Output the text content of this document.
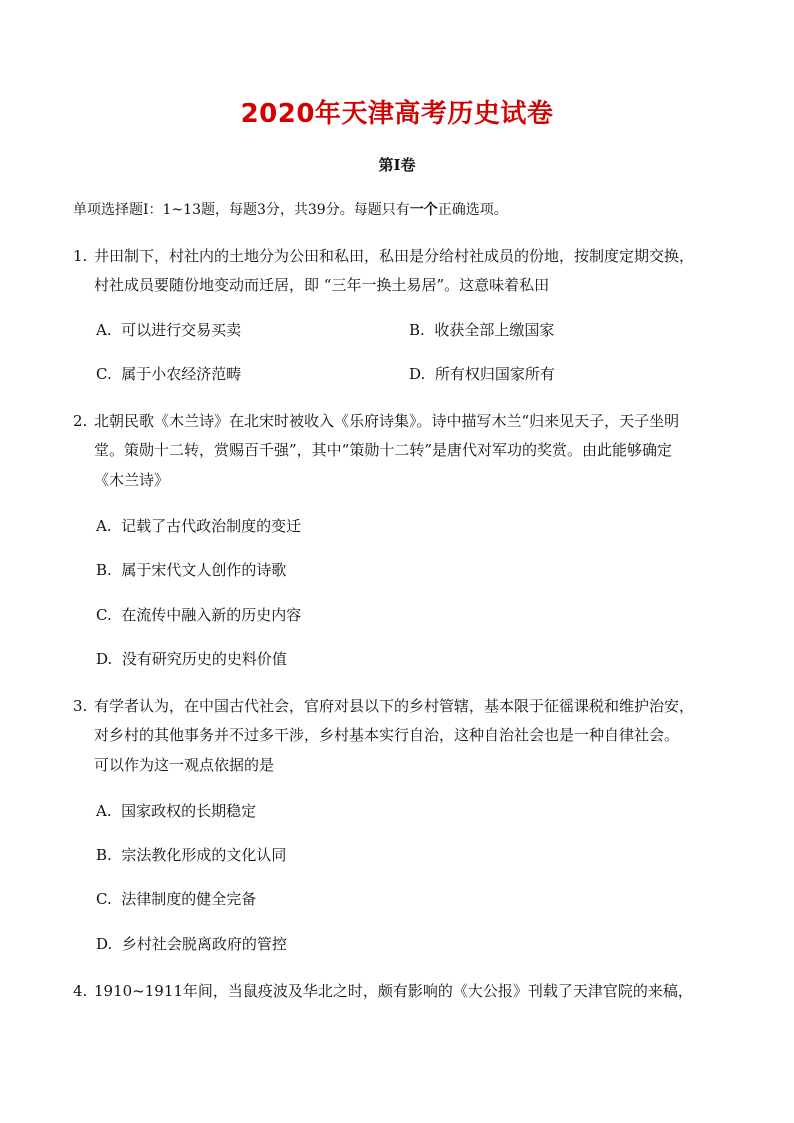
2020年天津高考历史试卷
第I卷
单项选择题I：1~13题，每题3分，共39分。每题只有一个正确选项。
1. 井田制下，村社内的土地分为公田和私田，私田是分给村社成员的份地，按制度定期交换，
村社成员要随份地变动而迁居，即 “三年一换土易居”。这意味着私田
A. 可以进行交易买卖	B. 收获全部上缴国家
C. 属于小农经济范畴	D. 所有权归国家所有
2. 北朝民歌《木兰诗》在北宋时被收入《乐府诗集》。诗中描写木兰“归来见天子，天子坐明
堂。策勋十二转，赏赐百千强”，其中“策勋十二转”是唐代对军功的奖赏。由此能够确定
《木兰诗》
A. 记载了古代政治制度的变迁
B. 属于宋代文人创作的诗歌
C. 在流传中融入新的历史内容
D. 没有研究历史的史料价值
3. 有学者认为，在中国古代社会，官府对县以下的乡村管辖，基本限于征徭课税和维护治安，
对乡村的其他事务并不过多干涉，乡村基本实行自治，这种自治社会也是一种自律社会。
可以作为这一观点依据的是
A. 国家政权的长期稳定
B. 宗法教化形成的文化认同
C. 法律制度的健全完备
D. 乡村社会脱离政府的管控
4. 1910~1911年间，当鼠疫波及华北之时，颇有影响的《大公报》刊载了天津官院的来稿，
